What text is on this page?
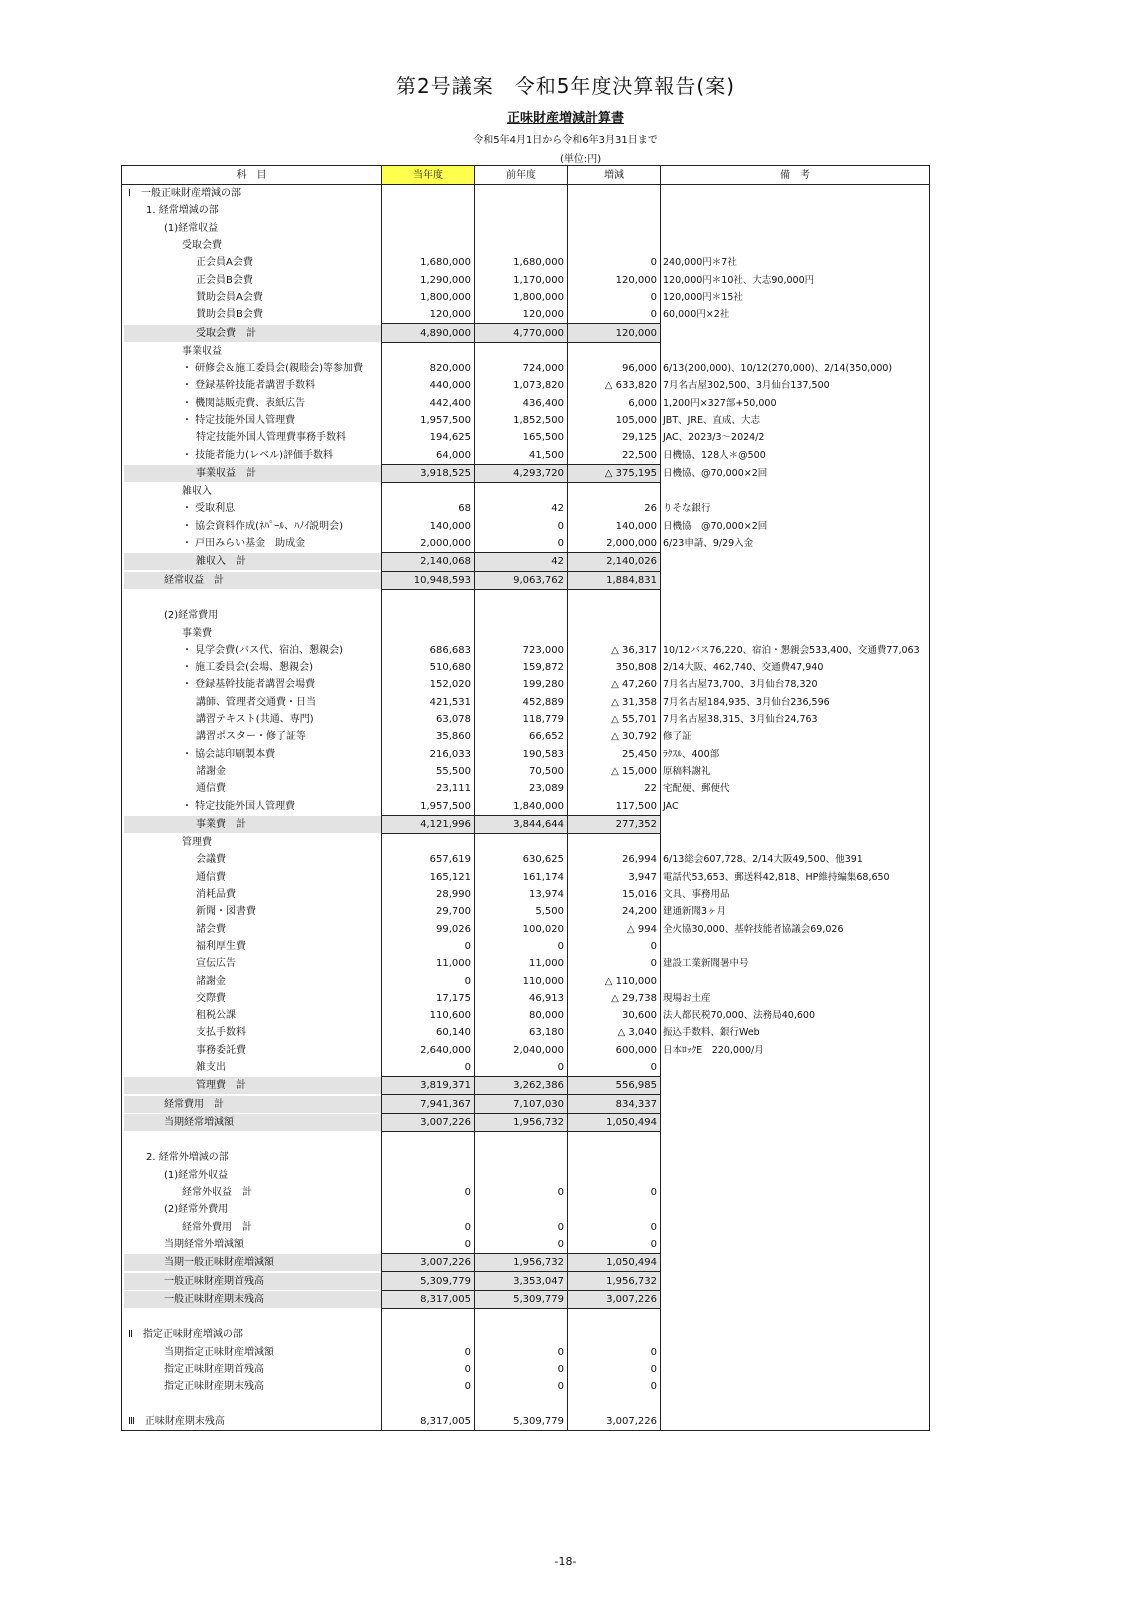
第2号議案　令和5年度決算報告(案)
正味財産増減計算書
令和5年4月1日から令和6年3月31日まで
(単位:円)
科　目	当年度	前年度	増減	備　考
Ⅰ　一般正味財産増減の部				
1. 経常増減の部				
(1)経常収益				
受取会費				
正会員A会費	1,680,000	1,680,000	0	240,000円＊7社
正会員B会費	1,290,000	1,170,000	120,000	120,000円＊10社、大志90,000円
賛助会員A会費	1,800,000	1,800,000	0	120,000円＊15社
賛助会員B会費	120,000	120,000	0	60,000円×2社
受取会費　計	4,890,000	4,770,000	120,000	
事業収益				
・ 研修会＆施工委員会(親睦会)等参加費	820,000	724,000	96,000	6/13(200,000)、10/12(270,000)、2/14(350,000)
・ 登録基幹技能者講習手数料	440,000	1,073,820	△ 633,820	7月名古屋302,500、3月仙台137,500
・ 機関誌販売費、表紙広告	442,400	436,400	6,000	1,200円×327部+50,000
・ 特定技能外国人管理費	1,957,500	1,852,500	105,000	JBT、JRE、直成、大志
特定技能外国人管理費事務手数料	194,625	165,500	29,125	JAC、2023/3～2024/2
・ 技能者能力(レベル)評価手数料	64,000	41,500	22,500	日機協、128人＊@500
事業収益　計	3,918,525	4,293,720	△ 375,195	日機協、@70,000×2回
雑収入				
・ 受取利息	68	42	26	りそな銀行
・ 協会資料作成(ﾈﾊﾟｰﾙ、ﾊﾉｲ説明会)	140,000	0	140,000	日機協　@70,000×2回
・ 戸田みらい基金　助成金	2,000,000	0	2,000,000	6/23申請、9/29入金
雑収入　計	2,140,068	42	2,140,026	
経常収益　計	10,948,593	9,063,762	1,884,831	

(2)経常費用				
事業費				
・ 見学会費(バス代、宿泊、懇親会)	686,683	723,000	△ 36,317	10/12バス76,220、宿泊・懇親会533,400、交通費77,063
・ 施工委員会(会場、懇親会)	510,680	159,872	350,808	2/14大阪、462,740、交通費47,940
・ 登録基幹技能者講習会場費	152,020	199,280	△ 47,260	7月名古屋73,700、3月仙台78,320
講師、管理者交通費・日当	421,531	452,889	△ 31,358	7月名古屋184,935、3月仙台236,596
講習テキスト(共通、専門)	63,078	118,779	△ 55,701	7月名古屋38,315、3月仙台24,763
講習ポスター・修了証等	35,860	66,652	△ 30,792	修了証
・ 協会誌印刷製本費	216,033	190,583	25,450	ﾗｸｽﾙ、400部
諸謝金	55,500	70,500	△ 15,000	原稿料謝礼
通信費	23,111	23,089	22	宅配便、郵便代
・ 特定技能外国人管理費	1,957,500	1,840,000	117,500	JAC
事業費　計	4,121,996	3,844,644	277,352	
管理費				
会議費	657,619	630,625	26,994	6/13総会607,728、2/14大阪49,500、他391
通信費	165,121	161,174	3,947	電話代53,653、郵送料42,818、HP維持編集68,650
消耗品費	28,990	13,974	15,016	文具、事務用品
新聞・図書費	29,700	5,500	24,200	建通新聞3ヶ月
諸会費	99,026	100,020	△ 994	全火協30,000、基幹技能者協議会69,026
福利厚生費	0	0	0	
宣伝広告	11,000	11,000	0	建設工業新聞暑中号
諸謝金	0	110,000	△ 110,000	
交際費	17,175	46,913	△ 29,738	現場お土産
租税公課	110,600	80,000	30,600	法人都民税70,000、法務局40,600
支払手数料	60,140	63,180	△ 3,040	振込手数料、銀行Web
事務委託費	2,640,000	2,040,000	600,000	日本ﾛｯｸE　220,000/月
雑支出	0	0	0	
管理費　計	3,819,371	3,262,386	556,985	
経常費用　計	7,941,367	7,107,030	834,337	
当期経常増減額	3,007,226	1,956,732	1,050,494	

2. 経常外増減の部				
(1)経常外収益				
経常外収益　計	0	0	0	
(2)経常外費用				
経常外費用　計	0	0	0	
当期経常外増減額	0	0	0	
当期一般正味財産増減額	3,007,226	1,956,732	1,050,494	
一般正味財産期首残高	5,309,779	3,353,047	1,956,732	
一般正味財産期末残高	8,317,005	5,309,779	3,007,226	

Ⅱ　指定正味財産増減の部				
当期指定正味財産増減額	0	0	0	
指定正味財産期首残高	0	0	0	
指定正味財産期末残高	0	0	0	

Ⅲ　正味財産期末残高	8,317,005	5,309,779	3,007,226	
-18-
